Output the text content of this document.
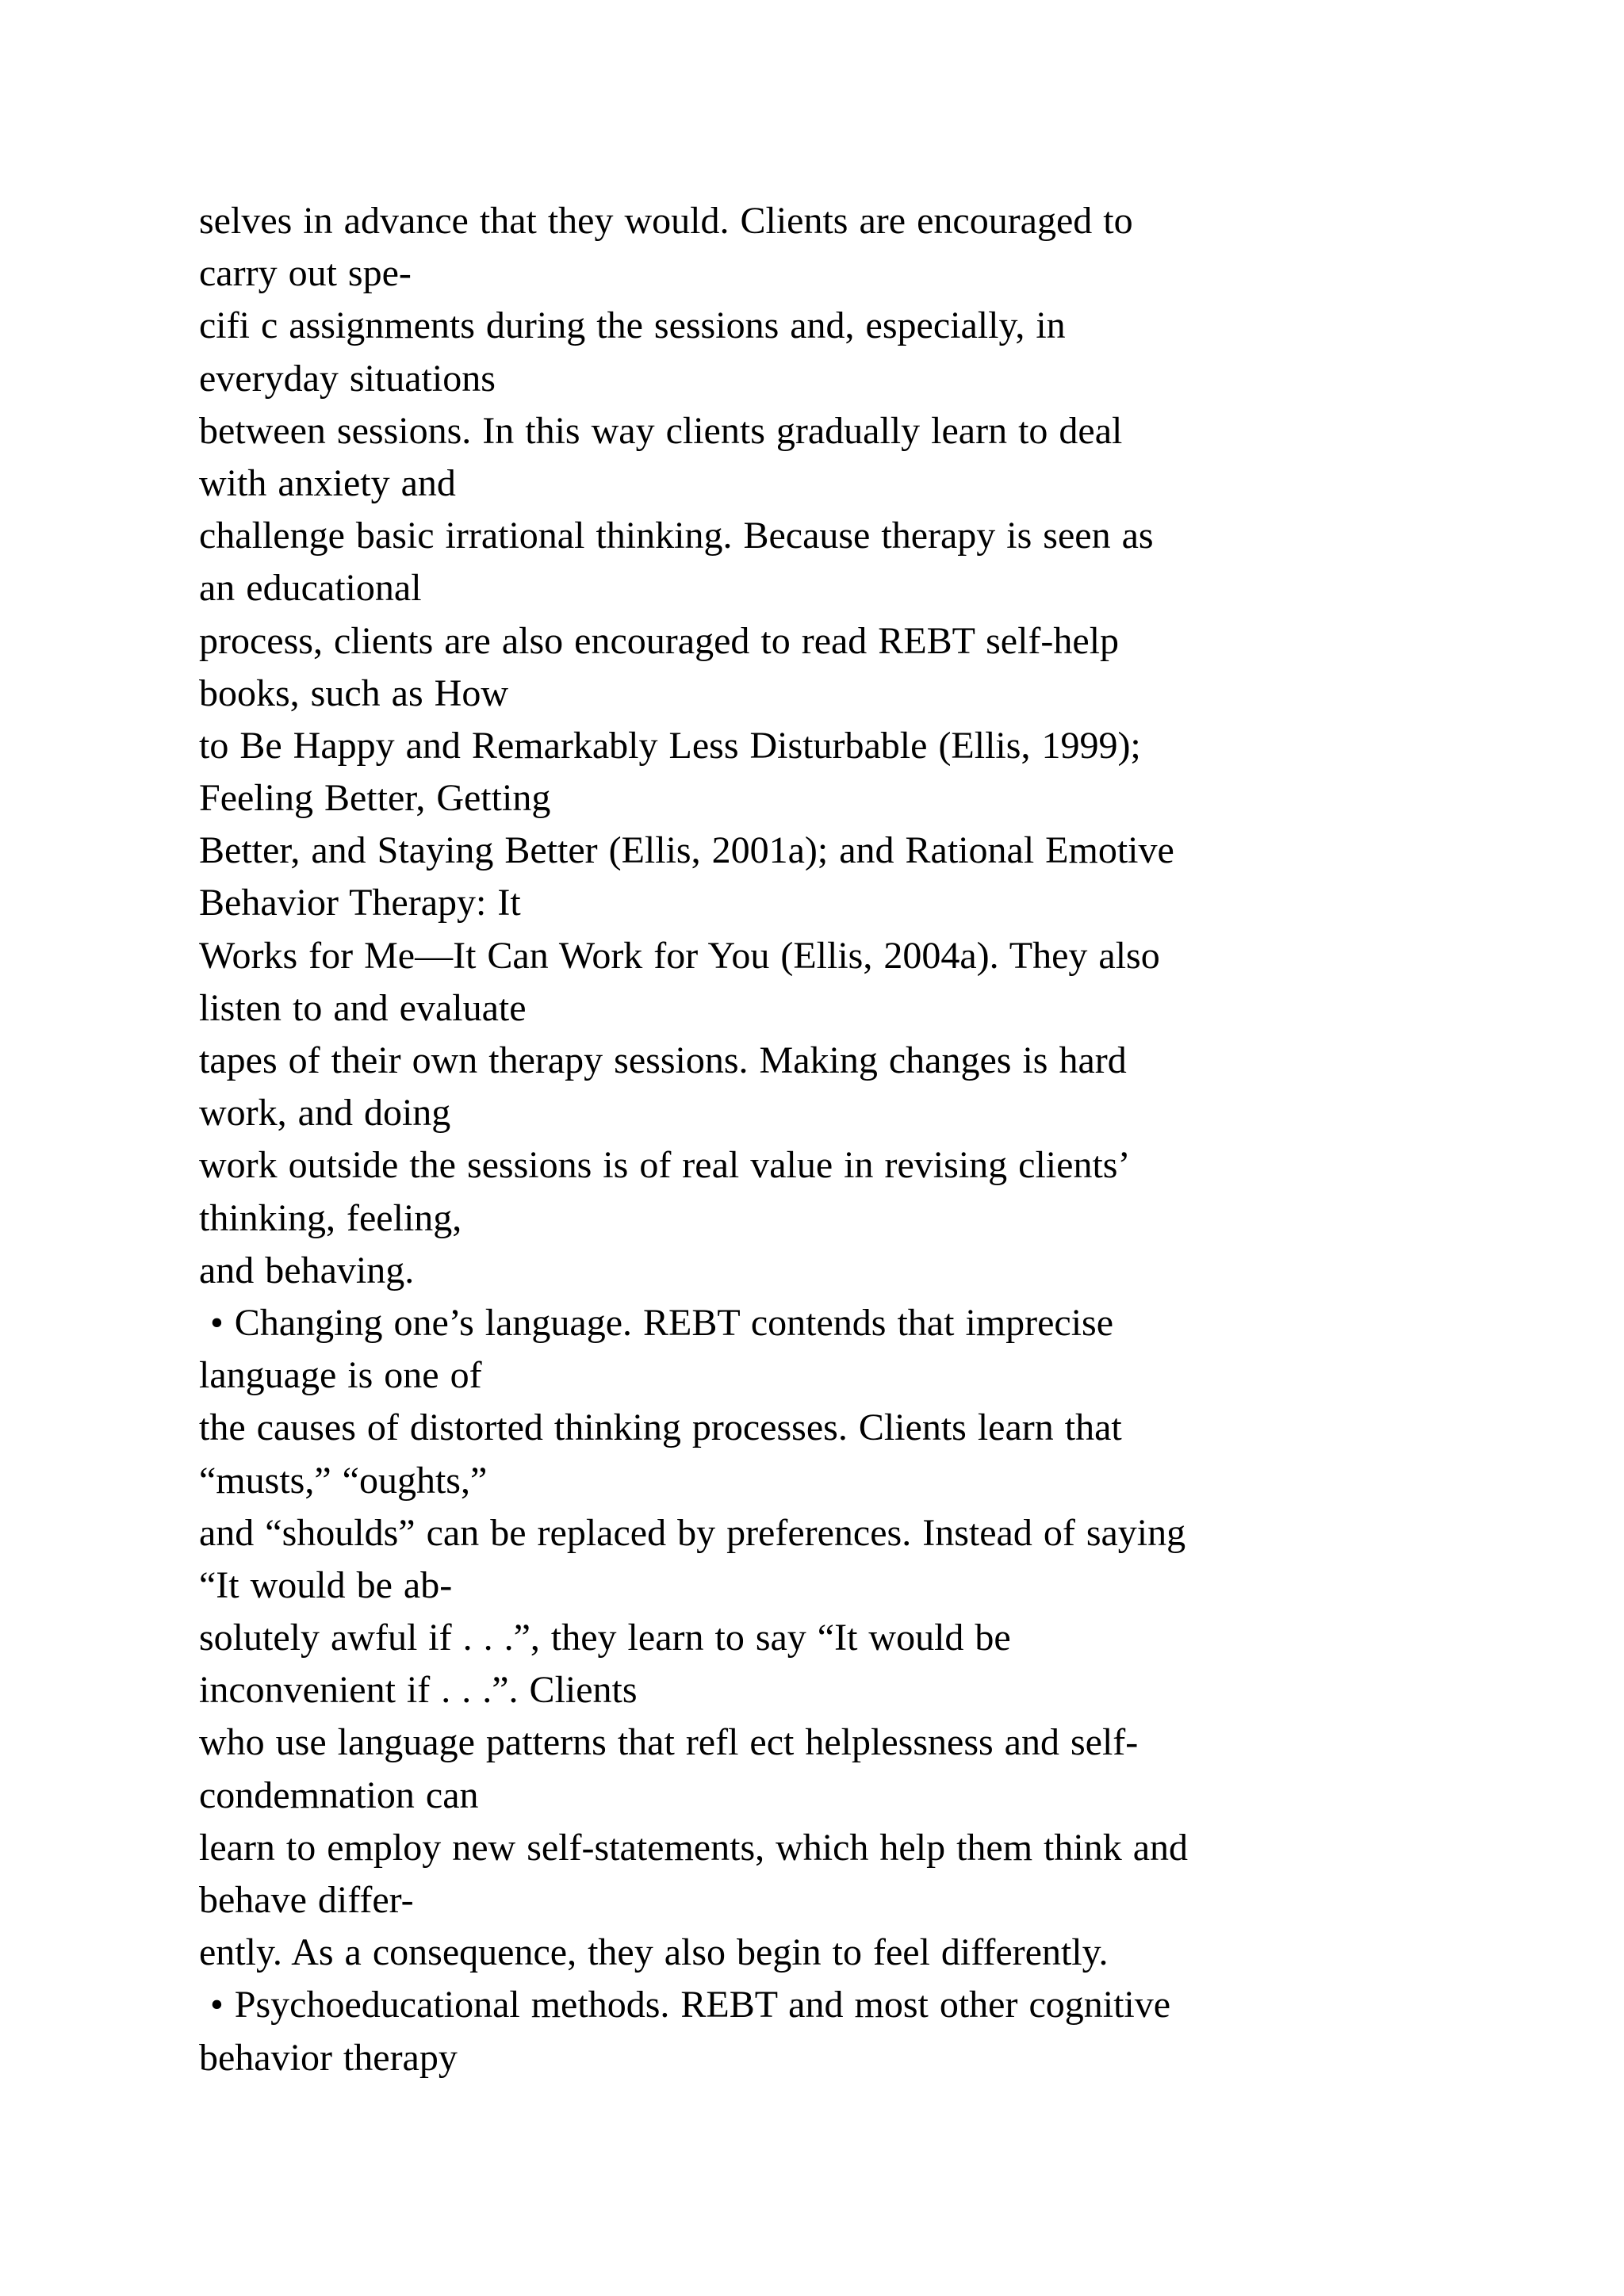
selves in advance that they would. Clients are encouraged to
carry out spe-
cifi c assignments during the sessions and, especially, in
everyday situations
between sessions. In this way clients gradually learn to deal
with anxiety and
challenge basic irrational thinking. Because therapy is seen as
an educational
process, clients are also encouraged to read REBT self-help
books, such as How
to Be Happy and Remarkably Less Disturbable (Ellis, 1999);
Feeling Better, Getting
Better, and Staying Better (Ellis, 2001a); and Rational Emotive
Behavior Therapy: It
Works for Me—It Can Work for You (Ellis, 2004a). They also
listen to and evaluate
tapes of their own therapy sessions. Making changes is hard
work, and doing
work outside the sessions is of real value in revising clients’
thinking, feeling,
and behaving.
• Changing one’s language. REBT contends that imprecise
language is one of
the causes of distorted thinking processes. Clients learn that
“musts,” “oughts,”
and “shoulds” can be replaced by preferences. Instead of saying
“It would be ab-
solutely awful if . . .”, they learn to say “It would be
inconvenient if . . .”. Clients
who use language patterns that refl ect helplessness and self-
condemnation can
learn to employ new self-statements, which help them think and
behave differ-
ently. As a consequence, they also begin to feel differently.
• Psychoeducational methods. REBT and most other cognitive
behavior therapy
